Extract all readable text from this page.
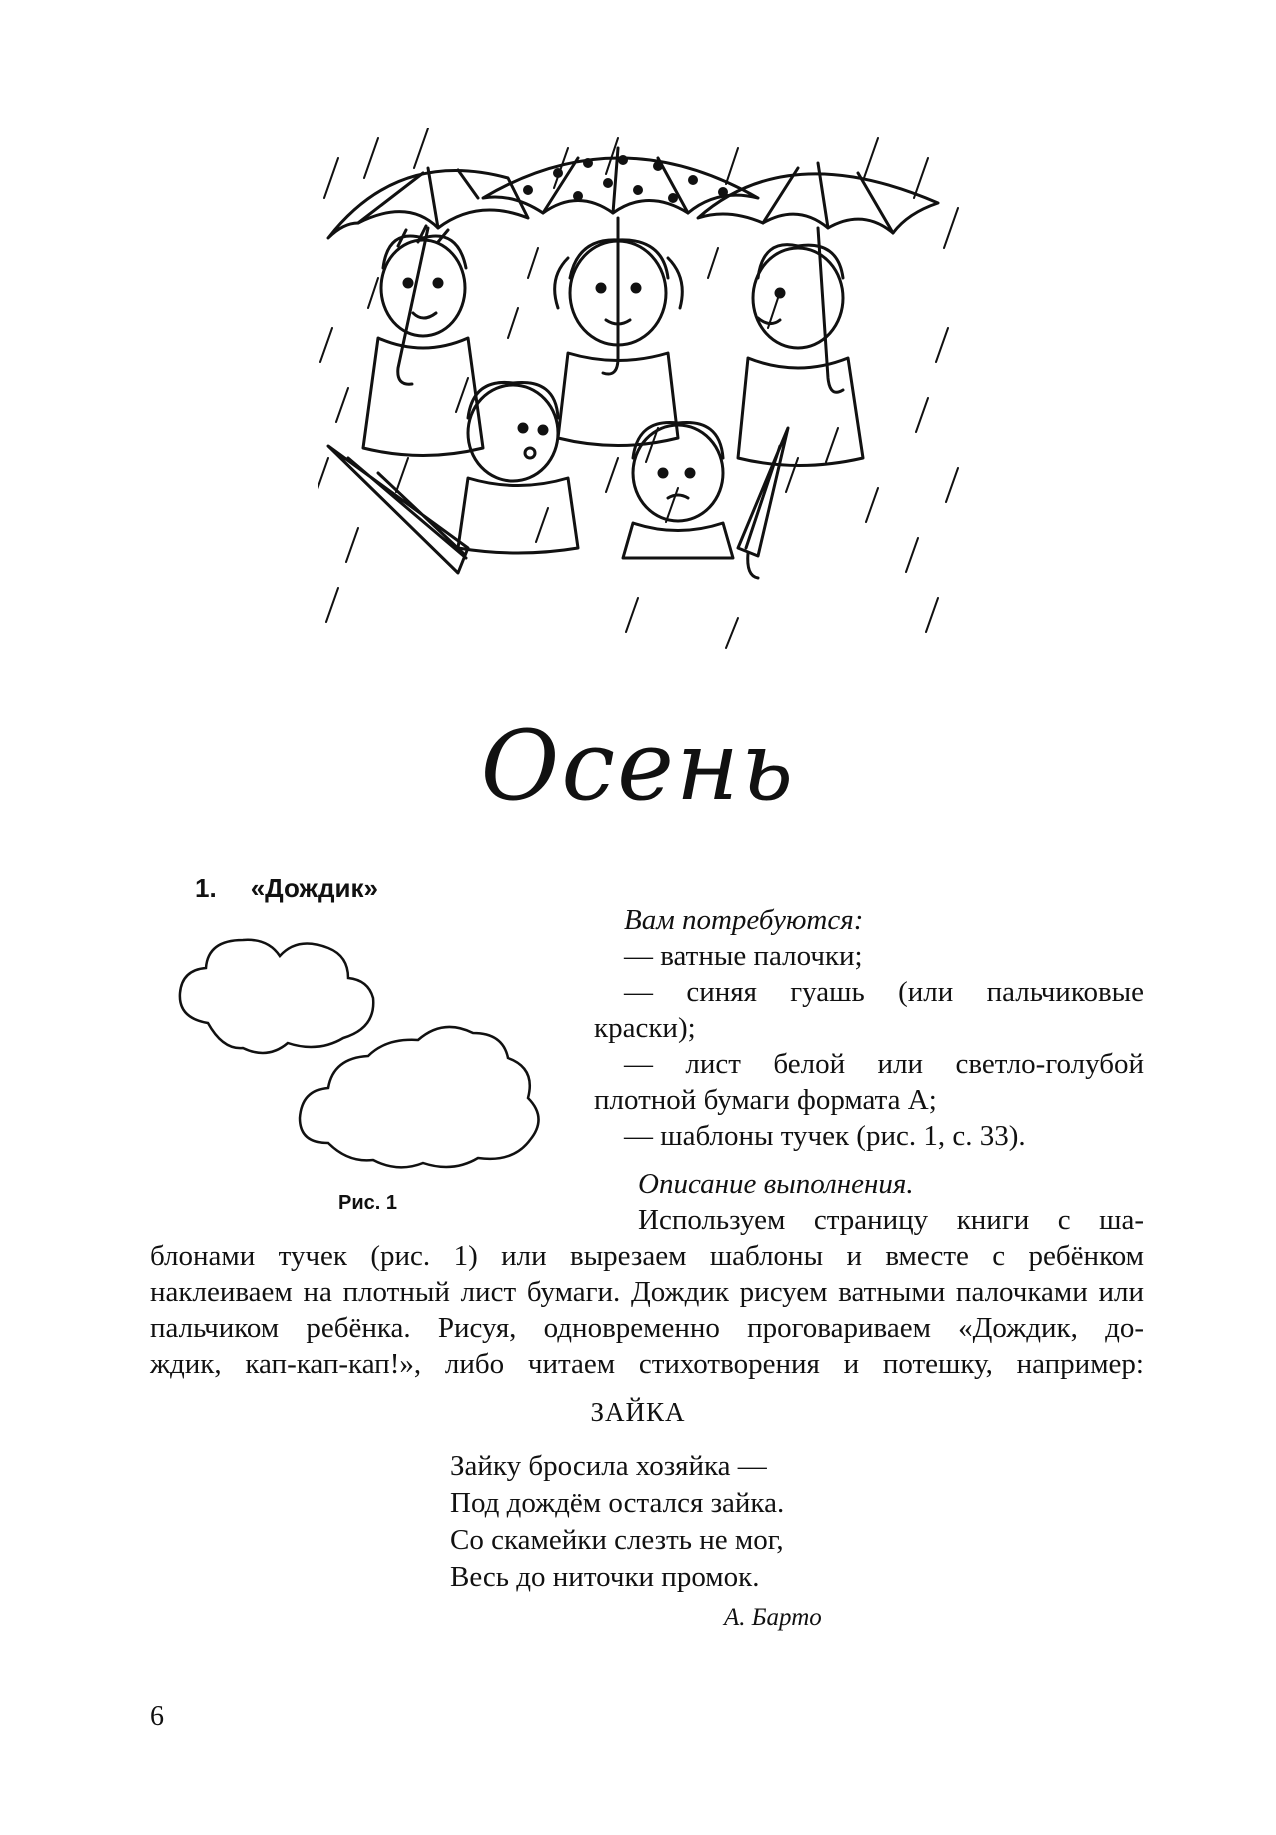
Осень
1. «Дождик»
Рис. 1
Вам потребуются:
— ватные палочки;
— синяя гуашь (или пальчиковые
краски);
— лист белой или светло-голубой
плотной бумаги формата А;
— шаблоны тучек (рис. 1, с. 33).
Описание выполнения.
Используем страницу книги с ша-
блонами тучек (рис. 1) или вырезаем шаблоны и вместе с ребёнком
наклеиваем на плотный лист бумаги. Дождик рисуем ватными палочками или
пальчиком ребёнка. Рисуя, одновременно проговариваем «Дождик, до-
ждик, кап-кап-кап!», либо читаем стихотворения и потешку, например:
ЗАЙКА
Зайку бросила хозяйка —
Под дождём остался зайка.
Со скамейки слезть не мог,
Весь до ниточки промок.
А. Барто
6
